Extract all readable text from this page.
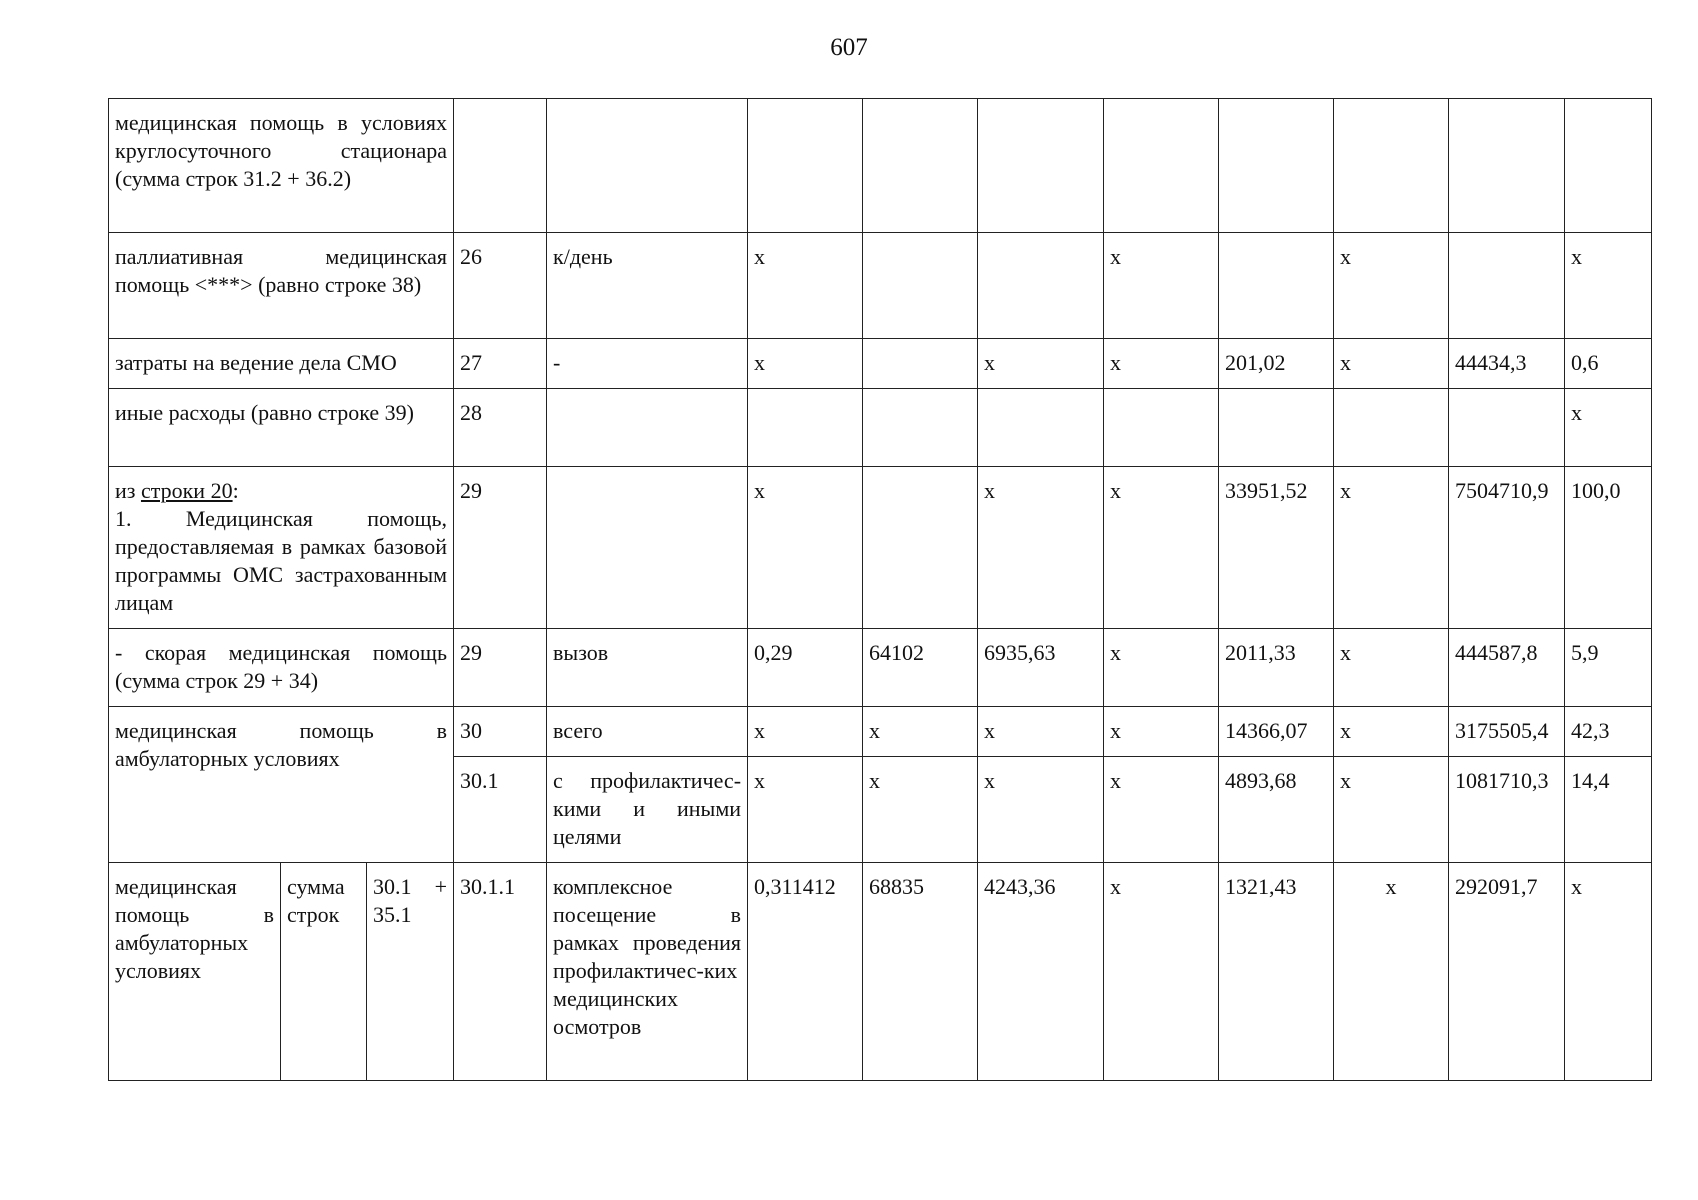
607
медицинская помощь в условиях круглосуточного стационара (сумма строк 31.2 + 36.2)												
паллиативная медицинская помощь <***> (равно строке 38)			26	к/день	х			х		х		х
затраты на ведение дела СМО			27	-	х		х	х	201,02	х	44434,3	0,6
иные расходы (равно строке 39)			28									х
из строки 20:
1. Медицинская помощь, предоставляемая в рамках базовой программы ОМС застрахованным лицам			29		х		х	х	33951,52	х	7504710,9	100,0
- скорая медицинская помощь (сумма строк 29 + 34)			29	вызов	0,29	64102	6935,63	х	2011,33	х	444587,8	5,9
медицинская помощь в амбулаторных условиях			30	всего	х	х	х	х	14366,07	х	3175505,4	42,3
			30.1	с профилактичес-кими и иными целями	х	х	х	х	4893,68	х	1081710,3	14,4
медицинская помощь в амбулаторных условиях	сумма строк	30.1 + 35.1	30.1.1	комплексное посещение в рамках проведения профилактичес-ких медицинских осмотров	0,311412	68835	4243,36	х	1321,43	х	292091,7	х
